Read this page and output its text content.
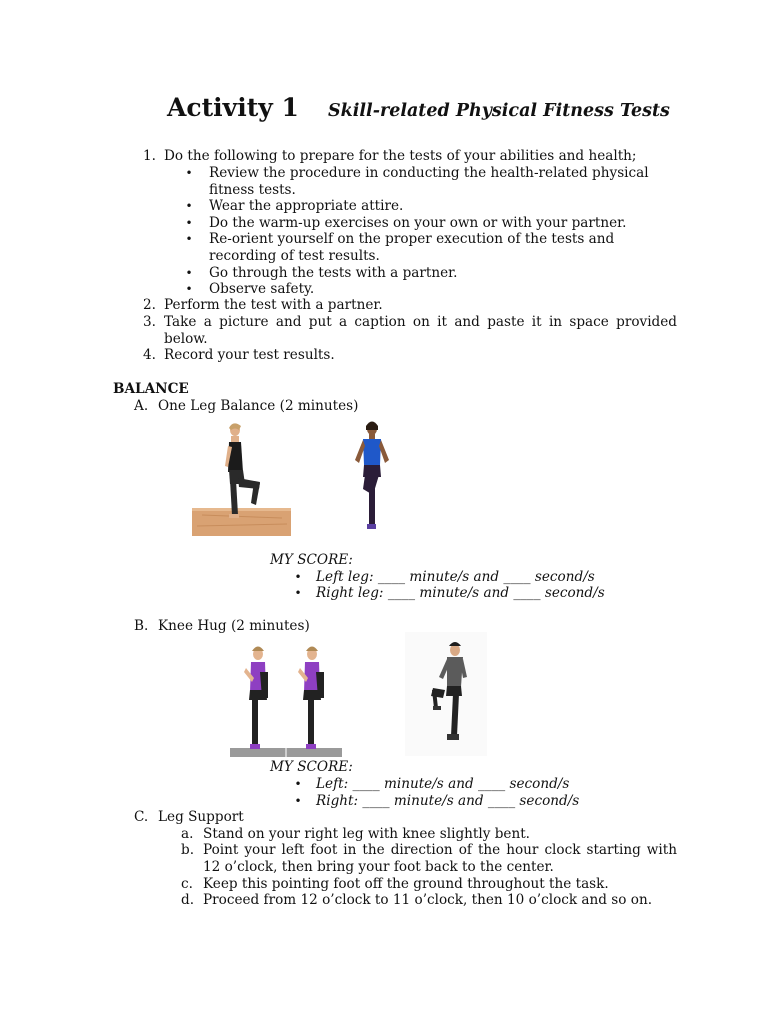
Activity 1 Skill-related Physical Fitness Tests
1. Do the following to prepare for the tests of your abilities and health;
• Review the procedure in conducting the health-related physical
fitness tests.
• Wear the appropriate attire.
• Do the warm-up exercises on your own or with your partner.
• Re-orient yourself on the proper execution of the tests and
recording of test results.
• Go through the tests with a partner.
• Observe safety.
2. Perform the test with a partner.
3. Take a picture and put a caption on it and paste it in space provided
below.
4. Record your test results.
BALANCE
A. One Leg Balance (2 minutes)
MY SCORE:
• Left leg: ____ minute/s and ____ second/s
• Right leg: ____ minute/s and ____ second/s
B. Knee Hug (2 minutes)
MY SCORE:
• Left: ____ minute/s and ____ second/s
• Right: ____ minute/s and ____ second/s
C. Leg Support
a. Stand on your right leg with knee slightly bent.
b. Point your left foot in the direction of the hour clock starting with
12 o’clock, then bring your foot back to the center.
c. Keep this pointing foot off the ground throughout the task.
d. Proceed from 12 o’clock to 11 o’clock, then 10 o’clock and so on.
